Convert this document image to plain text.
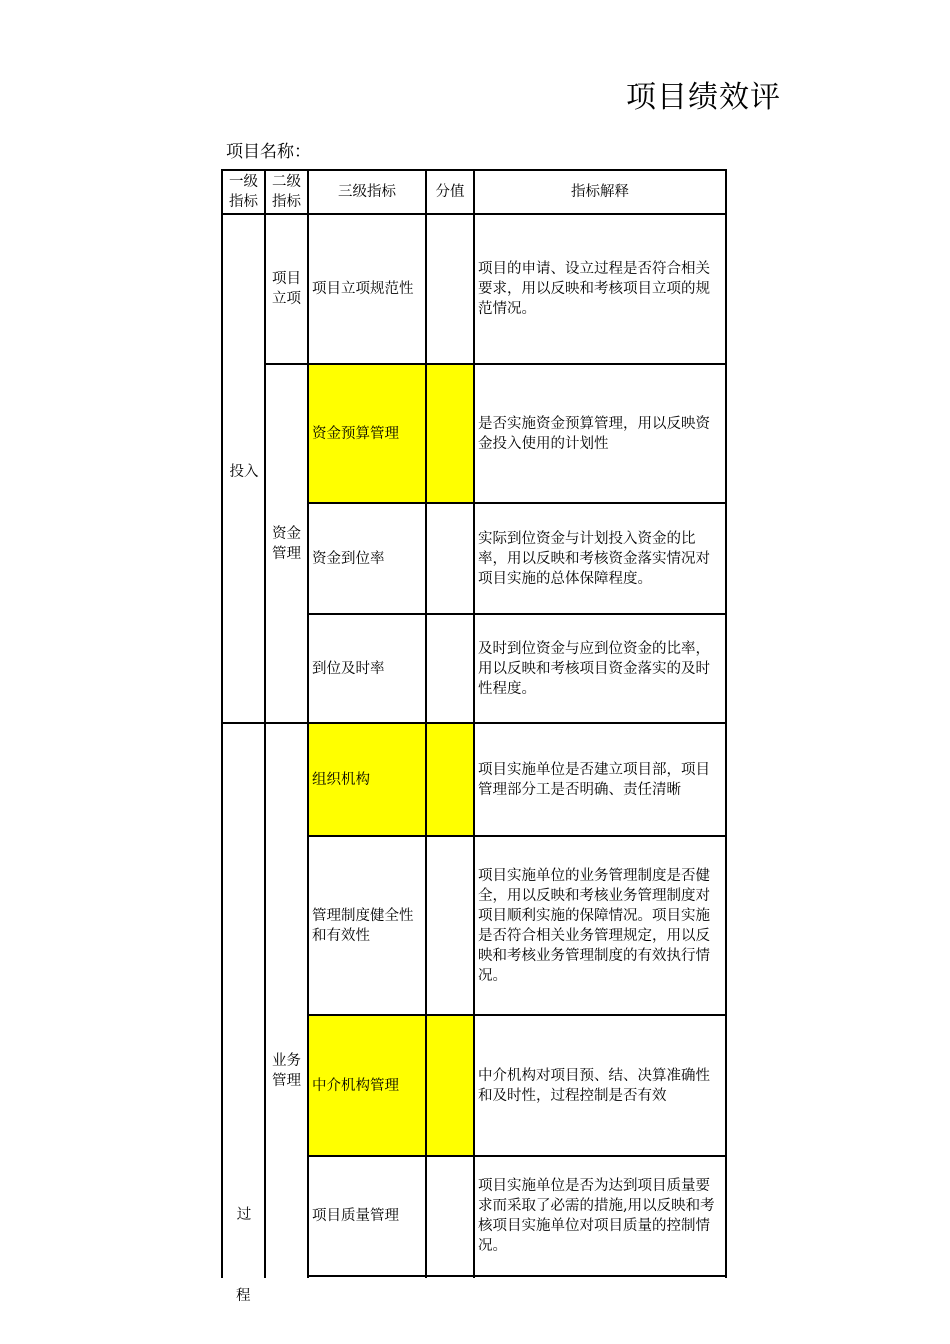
项目绩效评
项目名称：
一级指标
二级指标
三级指标	分值	指标解释
投入
过
项目立项
资金管理
业务管理
项目立项规范性
项目的申请、设立过程是否符合相关要求，用以反映和考核项目立项的规范情况。
资金预算管理
是否实施资金预算管理，用以反映资金投入使用的计划性
资金到位率
实际到位资金与计划投入资金的比率，用以反映和考核资金落实情况对项目实施的总体保障程度。
到位及时率
及时到位资金与应到位资金的比率，用以反映和考核项目资金落实的及时性程度。
组织机构
项目实施单位是否建立项目部，项目管理部分工是否明确、责任清晰
管理制度健全性和有效性
项目实施单位的业务管理制度是否健全，用以反映和考核业务管理制度对项目顺利实施的保障情况。项目实施是否符合相关业务管理规定，用以反映和考核业务管理制度的有效执行情况。
中介机构管理
中介机构对项目预、结、决算准确性和及时性，过程控制是否有效
项目质量管理
项目实施单位是否为达到项目质量要求而采取了必需的措施,用以反映和考核项目实施单位对项目质量的控制情况。
程
